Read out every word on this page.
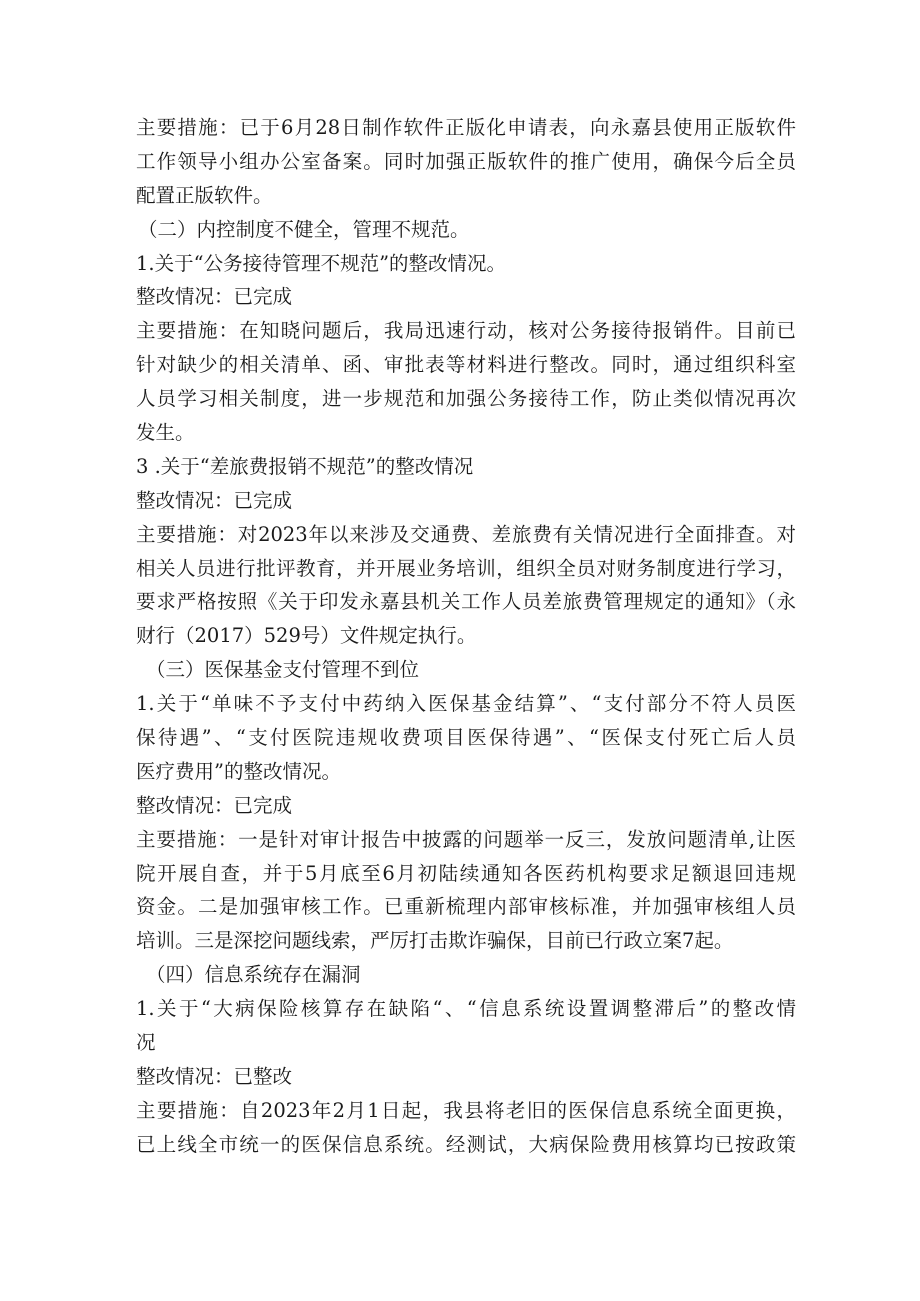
主要措施：已于6月28日制作软件正版化申请表，向永嘉县使用正版软件
工作领导小组办公室备案。同时加强正版软件的推广使用，确保今后全员
配置正版软件。
（二）内控制度不健全，管理不规范。
1.关于“公务接待管理不规范”的整改情况。
整改情况：已完成
主要措施：在知晓问题后，我局迅速行动，核对公务接待报销件。目前已
针对缺少的相关清单、函、审批表等材料进行整改。同时，通过组织科室
人员学习相关制度，进一步规范和加强公务接待工作，防止类似情况再次
发生。
3 .关于“差旅费报销不规范”的整改情况
整改情况：已完成
主要措施：对2023年以来涉及交通费、差旅费有关情况进行全面排查。对
相关人员进行批评教育，并开展业务培训，组织全员对财务制度进行学习，
要求严格按照《关于印发永嘉县机关工作人员差旅费管理规定的通知》（永
财行（2017）529号）文件规定执行。
（三）医保基金支付管理不到位
1.关于“单味不予支付中药纳入医保基金结算”、“支付部分不符人员医
保待遇”、“支付医院违规收费项目医保待遇”、“医保支付死亡后人员
医疗费用”的整改情况。
整改情况：已完成
主要措施：一是针对审计报告中披露的问题举一反三，发放问题清单,让医
院开展自查，并于5月底至6月初陆续通知各医药机构要求足额退回违规
资金。二是加强审核工作。已重新梳理内部审核标准，并加强审核组人员
培训。三是深挖问题线索，严厉打击欺诈骗保，目前已行政立案7起。
（四）信息系统存在漏洞
1.关于“大病保险核算存在缺陷“、“信息系统设置调整滞后”的整改情
况
整改情况：已整改
主要措施：自2023年2月1日起，我县将老旧的医保信息系统全面更换，
已上线全市统一的医保信息系统。经测试，大病保险费用核算均已按政策
